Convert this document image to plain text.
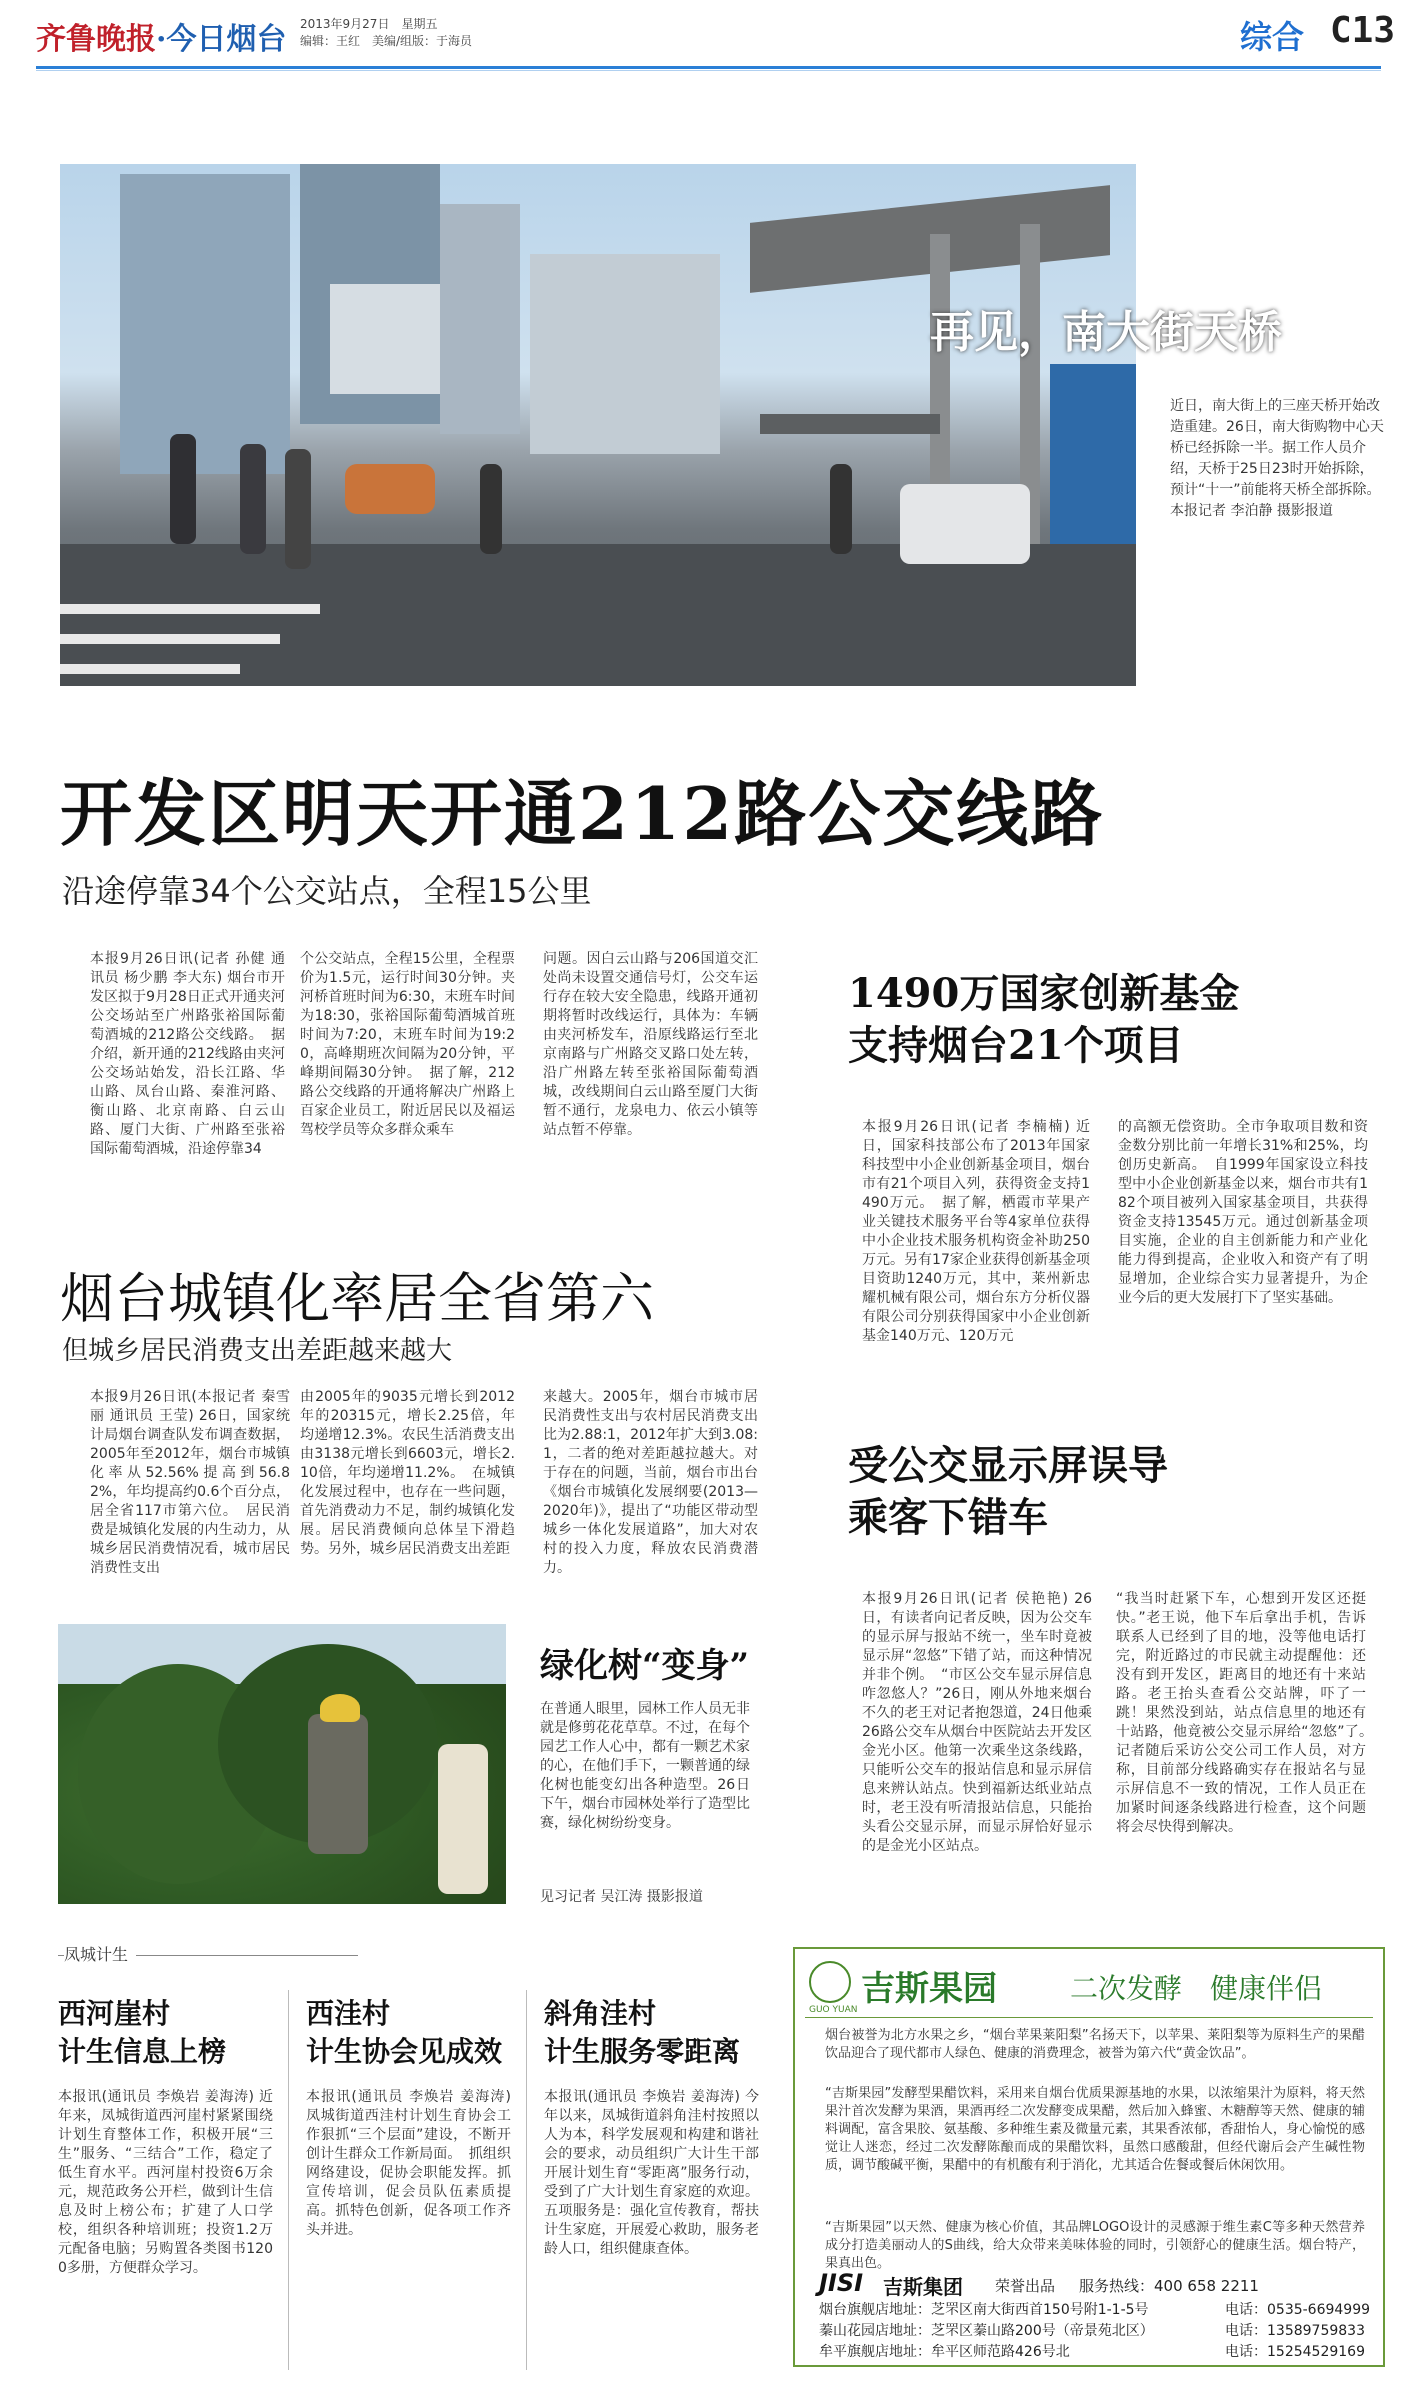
齐鲁晚报·今日烟台 2013年9月27日　星期五
编辑：王红　美编/组版：于海员	综合 C13
再见，南大街天桥
近日，南大街上的三座天桥开始改造重建。26日，南大街购物中心天桥已经拆除一半。据工作人员介绍，天桥于25日23时开始拆除，预计“十一”前能将天桥全部拆除。本报记者 李泊静 摄影报道
开发区明天开通212路公交线路
沿途停靠34个公交站点，全程15公里
本报9月26日讯(记者 孙健 通讯员 杨少鹏 李大东) 烟台市开发区拟于9月28日正式开通夹河公交场站至广州路张裕国际葡萄酒城的212路公交线路。　据介绍，新开通的212线路由夹河公交场站始发，沿长江路、华山路、凤台山路、秦淮河路、衡山路、北京南路、白云山路、厦门大街、广州路至张裕国际葡萄酒城，沿途停靠34
个公交站点，全程15公里，全程票价为1.5元，运行时间30分钟。夹河桥首班时间为6:30，末班车时间为18:30，张裕国际葡萄酒城首班时间为7:20，末班车时间为19:20，高峰期班次间隔为20分钟，平峰期间隔30分钟。　据了解，212路公交线路的开通将解决广州路上百家企业员工，附近居民以及福运驾校学员等众多群众乘车
问题。因白云山路与206国道交汇处尚未设置交通信号灯，公交车运行存在较大安全隐患，线路开通初期将暂时改线运行，具体为：车辆由夹河桥发车，沿原线路运行至北京南路与广州路交叉路口处左转，沿广州路左转至张裕国际葡萄酒城，改线期间白云山路至厦门大街暂不通行，龙泉电力、依云小镇等站点暂不停靠。
1490万国家创新基金
支持烟台21个项目
本报9月26日讯(记者 李楠楠) 近日，国家科技部公布了2013年国家科技型中小企业创新基金项目，烟台市有21个项目入列，获得资金支持1490万元。　据了解，栖霞市苹果产业关键技术服务平台等4家单位获得中小企业技术服务机构资金补助250万元。另有17家企业获得创新基金项目资助1240万元，其中，莱州新忠耀机械有限公司，烟台东方分析仪器有限公司分别获得国家中小企业创新基金140万元、120万元
的高额无偿资助。全市争取项目数和资金数分别比前一年增长31%和25%，均创历史新高。　自1999年国家设立科技型中小企业创新基金以来，烟台市共有182个项目被列入国家基金项目，共获得资金支持13545万元。通过创新基金项目实施，企业的自主创新能力和产业化能力得到提高，企业收入和资产有了明显增加，企业综合实力显著提升，为企业今后的更大发展打下了坚实基础。
烟台城镇化率居全省第六
但城乡居民消费支出差距越来越大
本报9月26日讯(本报记者 秦雪丽 通讯员 王莹) 26日，国家统计局烟台调查队发布调查数据，2005年至2012年，烟台市城镇化率从52.56%提高到56.82%，年均提高约0.6个百分点，居全省117市第六位。　居民消费是城镇化发展的内生动力，从城乡居民消费情况看，城市居民消费性支出
由2005年的9035元增长到2012年的20315元，增长2.25倍，年均递增12.3%。农民生活消费支出由3138元增长到6603元，增长2.10倍，年均递增11.2%。　在城镇化发展过程中，也存在一些问题，首先消费动力不足，制约城镇化发展。居民消费倾向总体呈下滑趋势。另外，城乡居民消费支出差距
来越大。2005年，烟台市城市居民消费性支出与农村居民消费支出比为2.88:1，2012年扩大到3.08:1，二者的绝对差距越拉越大。对于存在的问题，当前，烟台市出台《烟台市城镇化发展纲要(2013—2020年)》，提出了“功能区带动型城乡一体化发展道路”，加大对农村的投入力度，释放农民消费潜力。
受公交显示屏误导
乘客下错车
本报9月26日讯(记者 侯艳艳) 26日，有读者向记者反映，因为公交车的显示屏与报站不统一，坐车时竟被显示屏“忽悠”下错了站，而这种情况并非个例。　“市区公交车显示屏信息咋忽悠人？”26日，刚从外地来烟台不久的老王对记者抱怨道，24日他乘26路公交车从烟台中医院站去开发区金光小区。他第一次乘坐这条线路，只能听公交车的报站信息和显示屏信息来辨认站点。快到福新达纸业站点时，老王没有听清报站信息，只能抬头看公交显示屏，而显示屏恰好显示的是金光小区站点。
“我当时赶紧下车，心想到开发区还挺快。”老王说，他下车后拿出手机，告诉联系人已经到了目的地，没等他电话打完，附近路过的市民就主动提醒他：还没有到开发区，距离目的地还有十来站路。老王抬头查看公交站牌，吓了一跳！果然没到站，站点信息里的地还有十站路，他竟被公交显示屏给“忽悠”了。　记者随后采访公交公司工作人员，对方称，目前部分线路确实存在报站名与显示屏信息不一致的情况，工作人员正在加紧时间逐条线路进行检查，这个问题将会尽快得到解决。
绿化树“变身”
在普通人眼里，园林工作人员无非就是修剪花花草草。不过，在每个园艺工作人心中，都有一颗艺术家的心，在他们手下，一颗普通的绿化树也能变幻出各种造型。26日下午，烟台市园林处举行了造型比赛，绿化树纷纷变身。
见习记者 吴江涛 摄影报道
凤城计生
西河崖村
计生信息上榜
本报讯(通讯员 李焕岩 姜海涛) 近年来，凤城街道西河崖村紧紧围绕计划生育整体工作，积极开展“三生”服务、“三结合”工作，稳定了低生育水平。西河崖村投资6万余元，规范政务公开栏，做到计生信息及时上榜公布；扩建了人口学校，组织各种培训班；投资1.2万元配备电脑；另购置各类图书1200多册，方便群众学习。
西洼村
计生协会见成效
本报讯(通讯员 李焕岩 姜海涛) 凤城街道西洼村计划生育协会工作狠抓“三个层面”建设，不断开创计生群众工作新局面。　抓组织网络建设，促协会职能发挥。抓宣传培训，促会员队伍素质提高。抓特色创新，促各项工作齐头并进。
斜角洼村
计生服务零距离
本报讯(通讯员 李焕岩 姜海涛) 今年以来，凤城街道斜角洼村按照以人为本，科学发展观和构建和谐社会的要求，动员组织广大计生干部开展计划生育“零距离”服务行动，受到了广大计划生育家庭的欢迎。五项服务是：强化宣传教育，帮扶计生家庭，开展爱心救助，服务老龄人口，组织健康查体。
GUO YUAN
吉斯果园	二次发酵　健康伴侣
烟台被誉为北方水果之乡，“烟台苹果莱阳梨”名扬天下，以苹果、莱阳梨等为原料生产的果醋饮品迎合了现代都市人绿色、健康的消费理念，被誉为第六代“黄金饮品”。
“吉斯果园”发酵型果醋饮料，采用来自烟台优质果源基地的水果，以浓缩果汁为原料，将天然果汁首次发酵为果酒，果酒再经二次发酵变成果醋，然后加入蜂蜜、木糖醇等天然、健康的辅料调配，富含果胶、氨基酸、多种维生素及微量元素，其果香浓郁，香甜怡人，身心愉悦的感觉让人迷恋，经过二次发酵陈酿而成的果醋饮料，虽然口感酸甜，但经代谢后会产生碱性物质，调节酸碱平衡，果醋中的有机酸有利于消化，尤其适合佐餐或餐后休闲饮用。
“吉斯果园”以天然、健康为核心价值，其品牌LOGO设计的灵感源于维生素C等多种天然营养成分打造美丽动人的S曲线，给大众带来美味体验的同时，引领舒心的健康生活。烟台特产，果真出色。
JISI 吉斯集团 荣誉出品 服务热线：400 658 2211
烟台旗舰店地址：芝罘区南大街西首150号附1-1-5号	电话：0535-6694999
蓁山花园店地址：芝罘区蓁山路200号（帝景苑北区）	电话：13589759833
牟平旗舰店地址：牟平区师范路426号北	电话：15254529169
